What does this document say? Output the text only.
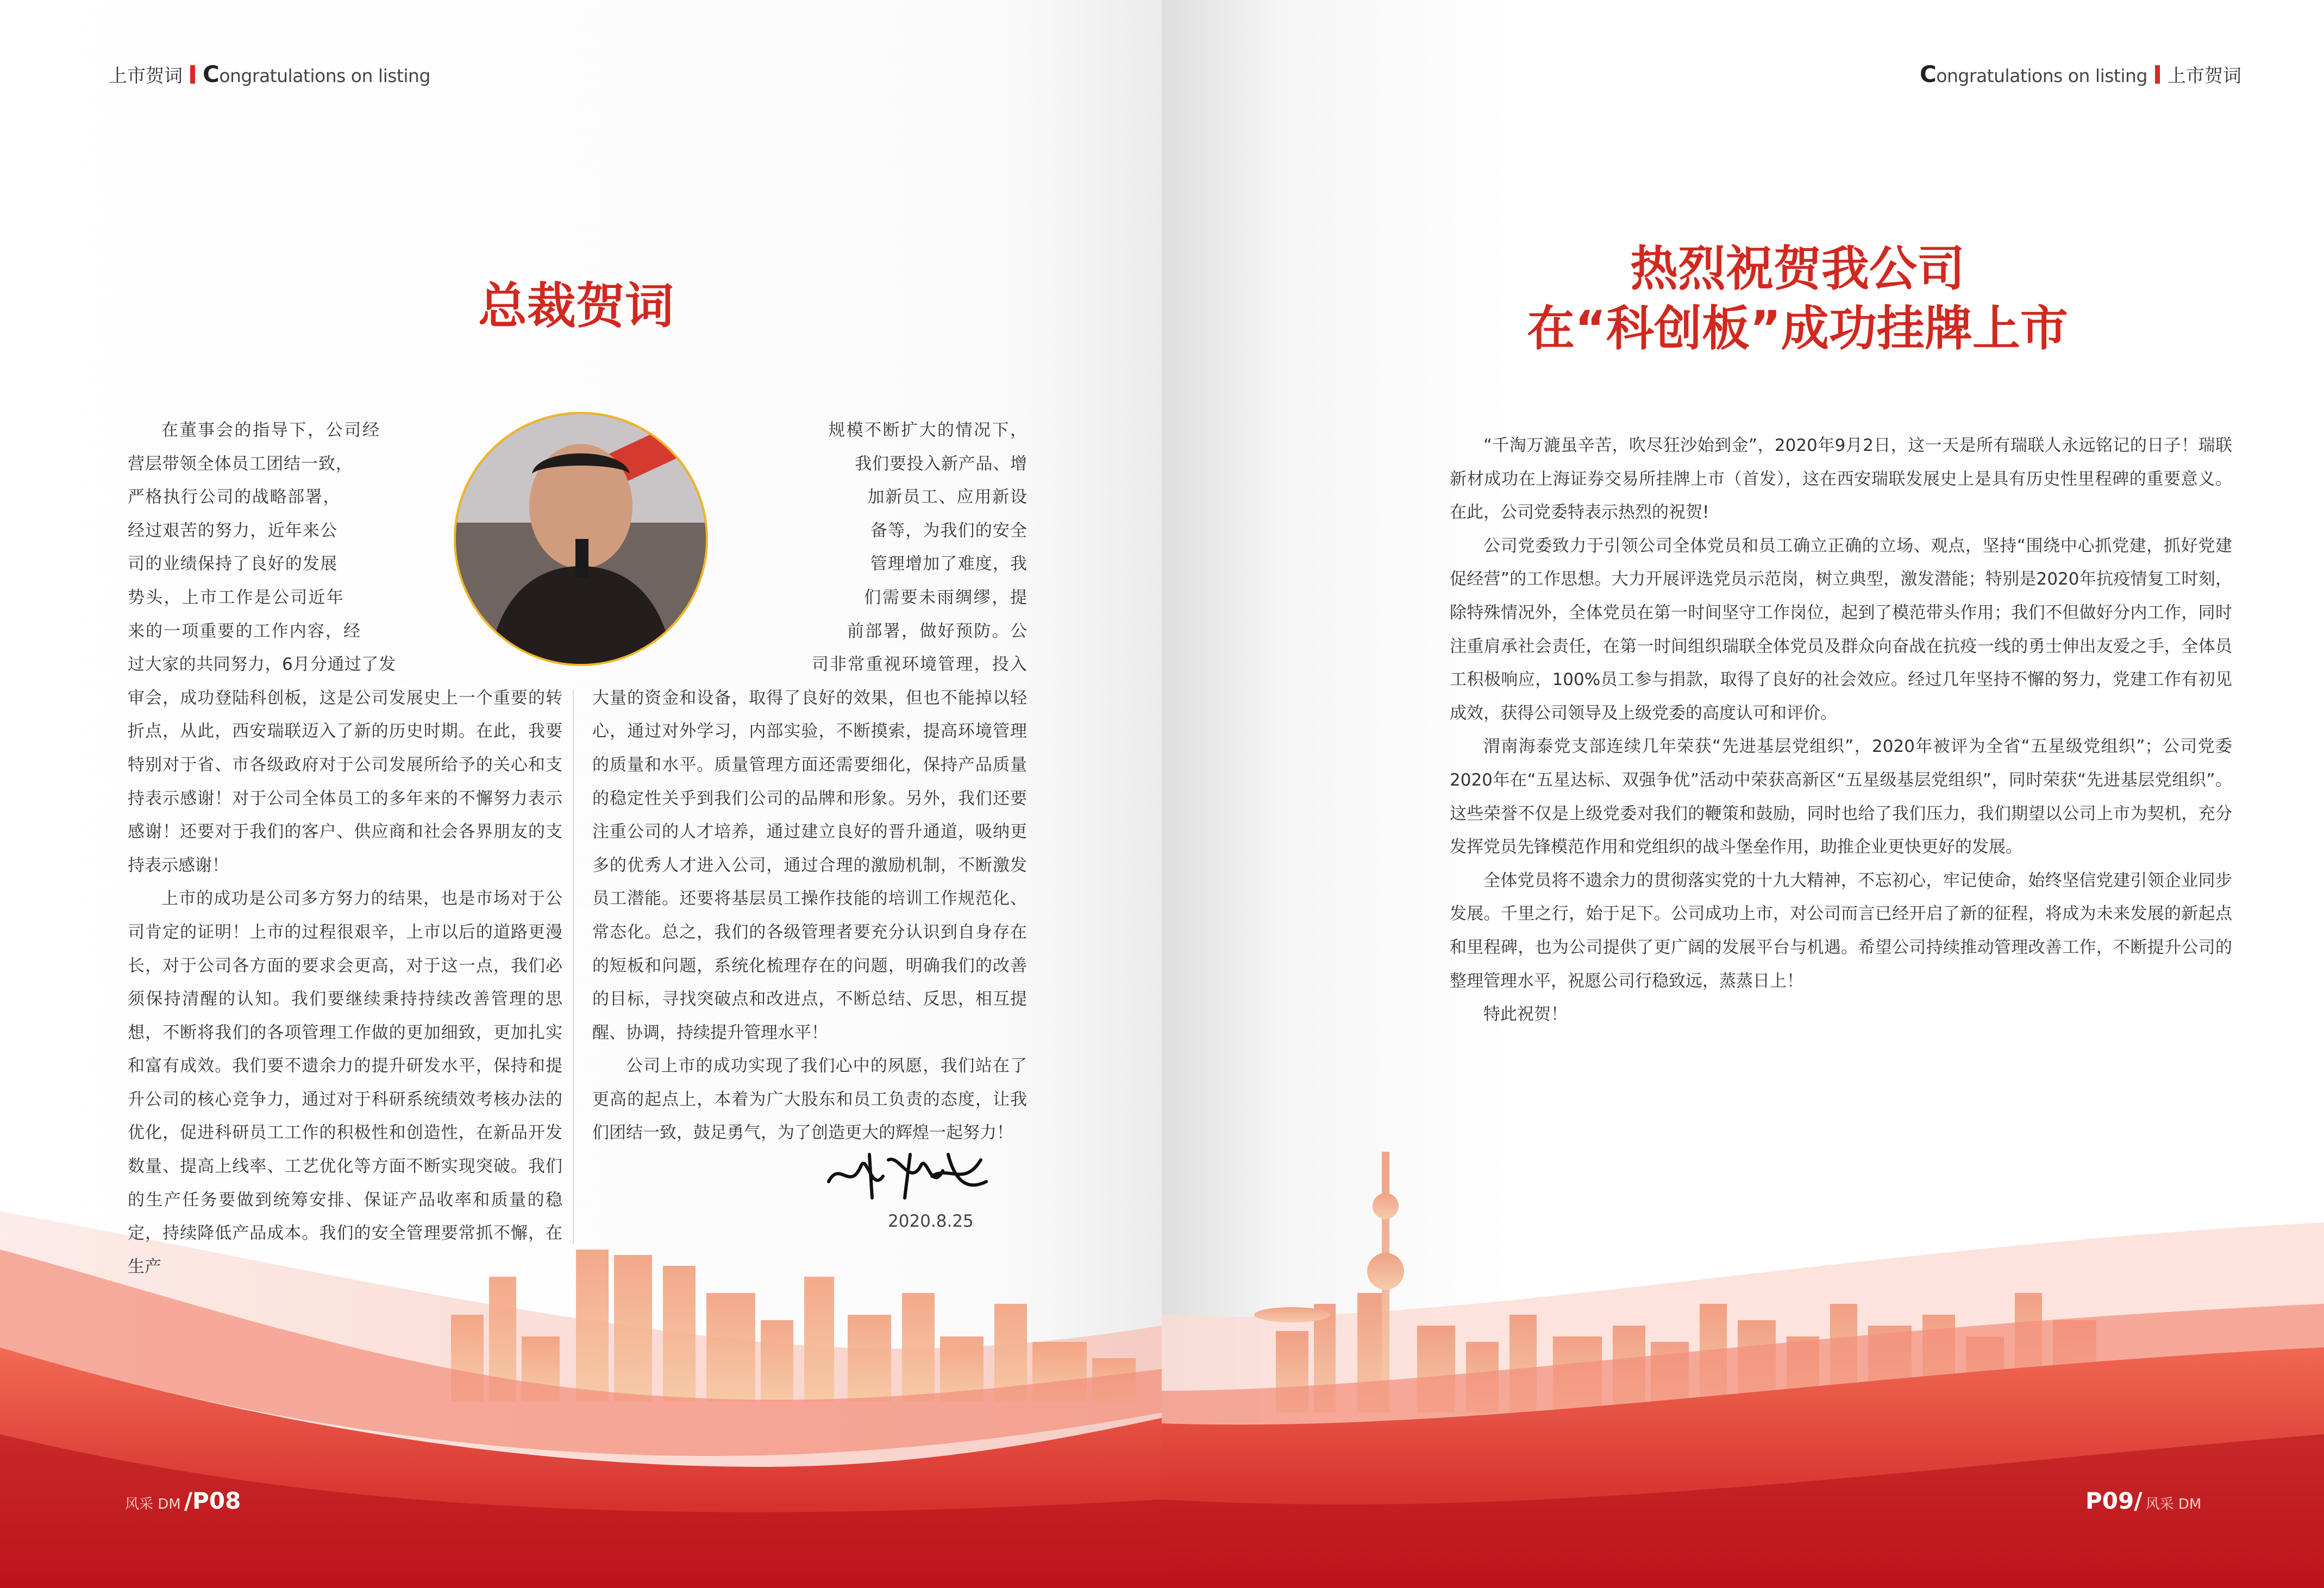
上市贺词 Congratulations on listing
总裁贺词

在董事会的指导下，公司经营层带领全体员工团结一致，严格执行公司的战略部署，经过艰苦的努力，近年来公司的业绩保持了良好的发展势头，上市工作是公司近年来的一项重要的工作内容，经过大家的共同努力，6月分通过了发审会，成功登陆科创板，这是公司发展史上一个重要的转折点，从此，西安瑞联迈入了新的历史时期。在此，我要特别对于省、市各级政府对于公司发展所给予的关心和支持表示感谢！对于公司全体员工的多年来的不懈努力表示感谢！还要对于我们的客户、供应商和社会各界朋友的支持表示感谢！

上市的成功是公司多方努力的结果，也是市场对于公司肯定的证明！上市的过程很艰辛，上市以后的道路更漫长，对于公司各方面的要求会更高，对于这一点，我们必须保持清醒的认知。我们要继续秉持持续改善管理的思想，不断将我们的各项管理工作做的更加细致，更加扎实和富有成效。我们要不遗余力的提升研发水平，保持和提升公司的核心竞争力，通过对于科研系统绩效考核办法的优化，促进科研员工工作的积极性和创造性，在新品开发数量、提高上线率、工艺优化等方面不断实现突破。我们的生产任务要做到统筹安排、保证产品收率和质量的稳定，持续降低产品成本。我们的安全管理要常抓不懈，在生产

规模不断扩大的情况下，我们要投入新产品、增加新员工、应用新设备等，为我们的安全管理增加了难度，我们需要未雨绸缪，提前部署，做好预防。公司非常重视环境管理，投入大量的资金和设备，取得了良好的效果，但也不能掉以轻心，通过对外学习，内部实验，不断摸索，提高环境管理的质量和水平。质量管理方面还需要细化，保持产品质量的稳定性关乎到我们公司的品牌和形象。另外，我们还要注重公司的人才培养，通过建立良好的晋升通道，吸纳更多的优秀人才进入公司，通过合理的激励机制，不断激发员工潜能。还要将基层员工操作技能的培训工作规范化、常态化。总之，我们的各级管理者要充分认识到自身存在的短板和问题，系统化梳理存在的问题，明确我们的改善的目标，寻找突破点和改进点，不断总结、反思，相互提醒、协调，持续提升管理水平！

公司上市的成功实现了我们心中的夙愿，我们站在了更高的起点上，本着为广大股东和员工负责的态度，让我们团结一致，鼓足勇气，为了创造更大的辉煌一起努力！

2020.8.25
风采 DM /P08
Congratulations on listing 上市贺词
热烈祝贺我公司
在“科创板”成功挂牌上市

“千淘万漉虽辛苦，吹尽狂沙始到金”，2020年9月2日，这一天是所有瑞联人永远铭记的日子！瑞联新材成功在上海证券交易所挂牌上市（首发），这在西安瑞联发展史上是具有历史性里程碑的重要意义。在此，公司党委特表示热烈的祝贺!

公司党委致力于引领公司全体党员和员工确立正确的立场、观点，坚持“围绕中心抓党建，抓好党建促经营”的工作思想。大力开展评选党员示范岗，树立典型，激发潜能；特别是2020年抗疫情复工时刻，除特殊情况外，全体党员在第一时间坚守工作岗位，起到了模范带头作用；我们不但做好分内工作，同时注重肩承社会责任，在第一时间组织瑞联全体党员及群众向奋战在抗疫一线的勇士伸出友爱之手，全体员工积极响应，100%员工参与捐款，取得了良好的社会效应。经过几年坚持不懈的努力，党建工作有初见成效，获得公司领导及上级党委的高度认可和评价。

渭南海泰党支部连续几年荣获“先进基层党组织”，2020年被评为全省“五星级党组织”；公司党委2020年在“五星达标、双强争优”活动中荣获高新区“五星级基层党组织”，同时荣获“先进基层党组织”。这些荣誉不仅是上级党委对我们的鞭策和鼓励，同时也给了我们压力，我们期望以公司上市为契机，充分发挥党员先锋模范作用和党组织的战斗堡垒作用，助推企业更快更好的发展。

全体党员将不遗余力的贯彻落实党的十九大精神，不忘初心，牢记使命，始终坚信党建引领企业同步发展。千里之行，始于足下。公司成功上市，对公司而言已经开启了新的征程，将成为未来发展的新起点和里程碑，也为公司提供了更广阔的发展平台与机遇。希望公司持续推动管理改善工作，不断提升公司的整理管理水平，祝愿公司行稳致远，蒸蒸日上！

特此祝贺！

P09/ 风采 DM
